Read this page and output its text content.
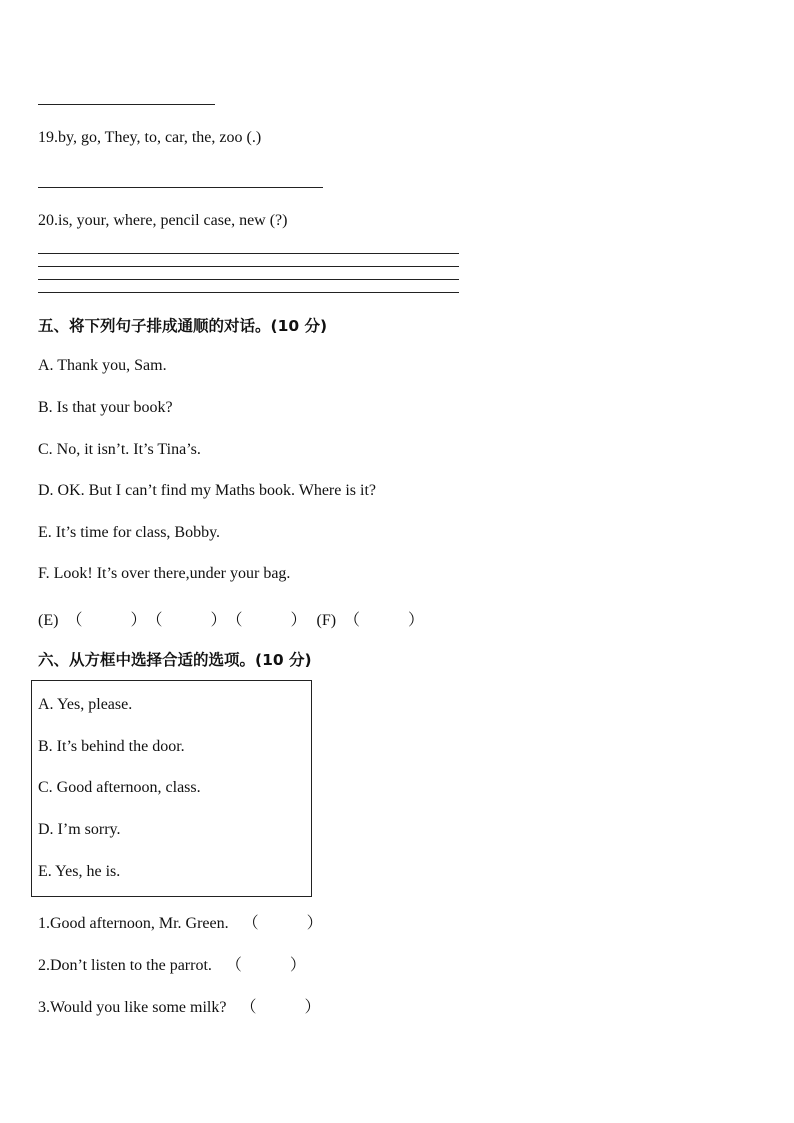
19.by, go, They, to, car, the, zoo (.)
20.is, your, where, pencil case, new (?)
五、将下列句子排成通顺的对话。(10 分)
A. Thank you, Sam.
B. Is that your book?
C. No, it isn’t. It’s Tina’s.
D. OK. But I can’t find my Maths book. Where is it?
E. It’s time for class, Bobby.
F. Look! It’s over there,under your bag.
(E) （　　　）（　　　）（　　　） (F) （　　　）
六、从方框中选择合适的选项。(10 分)
A. Yes, please.
B. It’s behind the door.
C. Good afternoon, class.
D. I’m sorry.
E. Yes, he is.
1.Good afternoon, Mr. Green. （　　　）
2.Don’t listen to the parrot. （　　　）
3.Would you like some milk? （　　　）
